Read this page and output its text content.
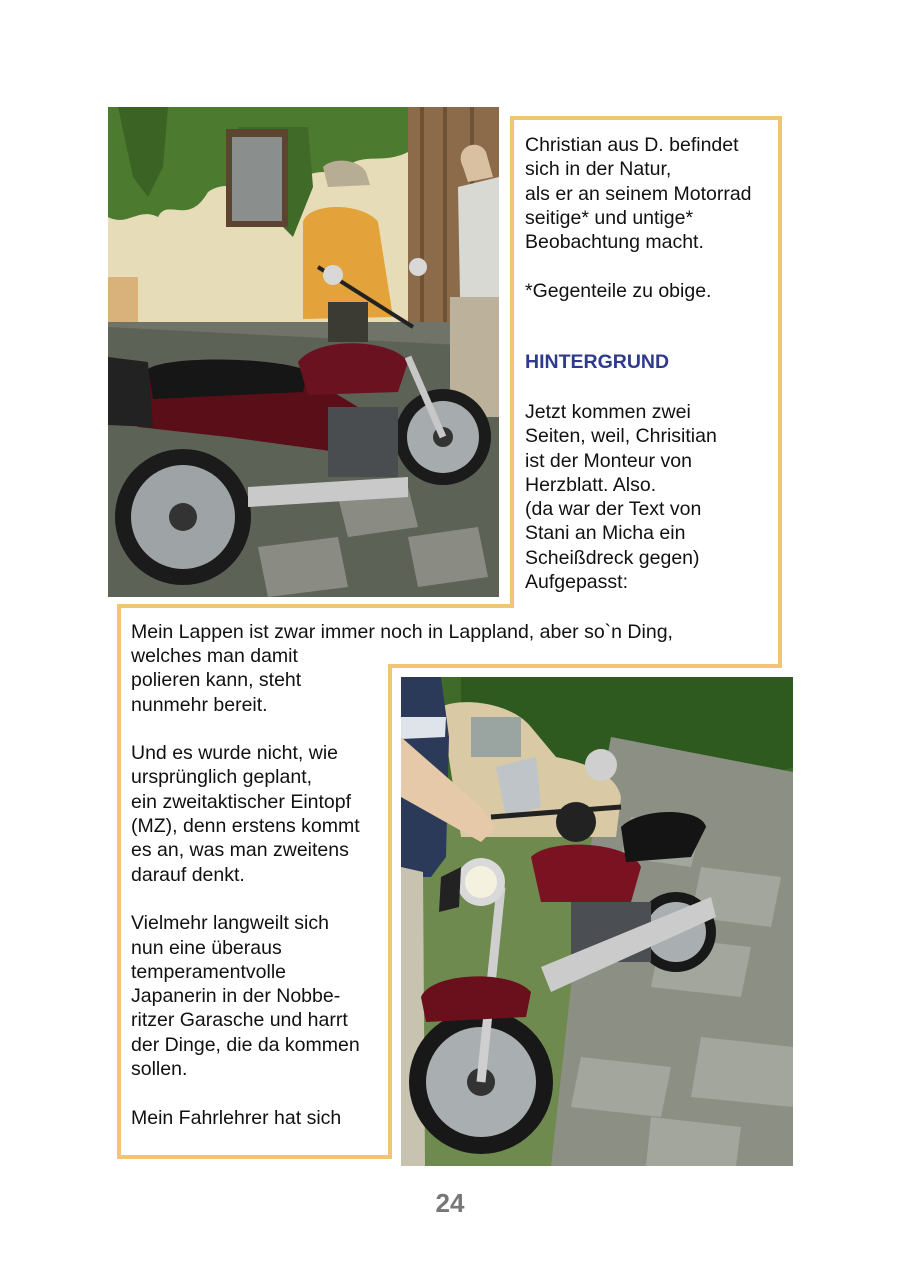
Christian aus D. befindet
sich in der Natur,
als er an seinem Motorrad
seitige* und untige*
Beobachtung macht.

*Gegenteile zu obige.
HINTERGRUND
Jetzt kommen zwei
Seiten, weil, Chrisitian
ist der Monteur von
Herzblatt. Also.
(da war der Text von
Stani an Micha ein
Scheißdreck gegen)
Aufgepasst:
Mein Lappen ist zwar immer noch in Lappland, aber so`n Ding,
welches man damit
polieren kann, steht
nunmehr bereit.

Und es wurde nicht, wie
ursprünglich geplant,
ein zweitaktischer Eintopf
(MZ), denn erstens kommt
es an, was man zweitens
darauf denkt.

Vielmehr langweilt sich
nun eine überaus
temperamentvolle
Japanerin in der Nobbe-
ritzer Garasche und harrt
der Dinge, die da kommen
sollen.

Mein Fahrlehrer hat sich
24
